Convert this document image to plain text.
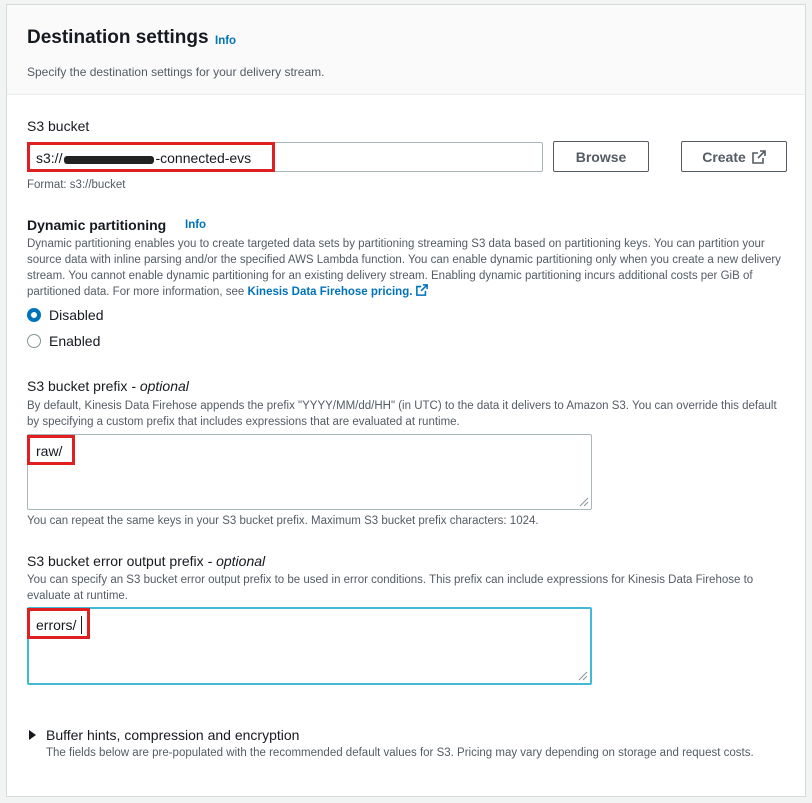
Destination settings Info
Specify the destination settings for your delivery stream.
S3 bucket
s3://	-connected-evs	Browse	Create
Format: s3://bucket
Dynamic partitioning Info
Dynamic partitioning enables you to create targeted data sets by partitioning streaming S3 data based on partitioning keys. You can partition your source data with inline parsing and/or the specified AWS Lambda function. You can enable dynamic partitioning only when you create a new delivery stream. You cannot enable dynamic partitioning for an existing delivery stream. Enabling dynamic partitioning incurs additional costs per GiB of partitioned data. For more information, see Kinesis Data Firehose pricing.
Disabled
Enabled
S3 bucket prefix - optional
By default, Kinesis Data Firehose appends the prefix "YYYY/MM/dd/HH" (in UTC) to the data it delivers to Amazon S3. You can override this default by specifying a custom prefix that includes expressions that are evaluated at runtime.
raw/
You can repeat the same keys in your S3 bucket prefix. Maximum S3 bucket prefix characters: 1024.
S3 bucket error output prefix - optional
You can specify an S3 bucket error output prefix to be used in error conditions. This prefix can include expressions for Kinesis Data Firehose to evaluate at runtime.
errors/
Buffer hints, compression and encryption
The fields below are pre-populated with the recommended default values for S3. Pricing may vary depending on storage and request costs.
